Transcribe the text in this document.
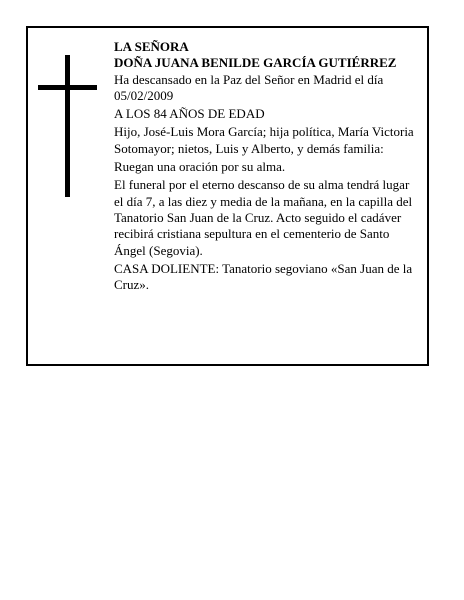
LA SEÑORA

DOÑA JUANA BENILDE GARCÍA GUTIÉRREZ

Ha descansado en la Paz del Señor en Madrid el día 05/02/2009

A LOS 84 AÑOS DE EDAD

Hijo, José-Luis Mora García; hija política, María Victoria Sotomayor; nietos, Luis y Alberto, y demás familia:

Ruegan una oración por su alma.

El funeral por el eterno descanso de su alma tendrá lugar el día 7, a las diez y media de la mañana, en la capilla del Tanatorio San Juan de la Cruz. Acto seguido el cadáver recibirá cristiana sepultura en el cementerio de Santo Ángel (Segovia).

CASA DOLIENTE: Tanatorio segoviano «San Juan de la Cruz».
